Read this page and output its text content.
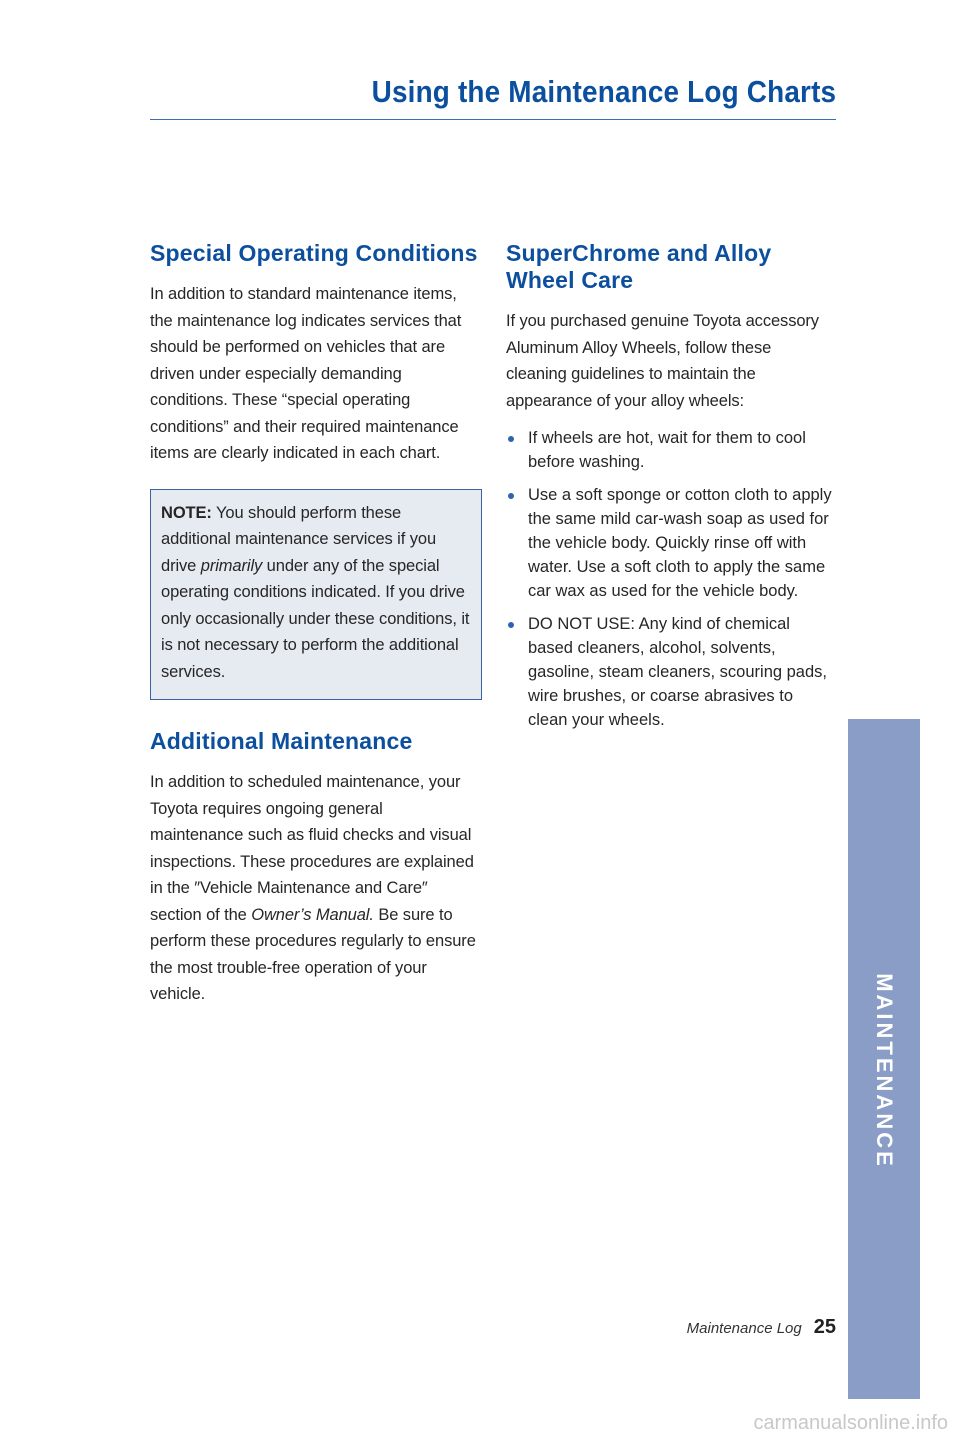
Using the Maintenance Log Charts
Special Operating Conditions

In addition to standard maintenance items, the maintenance log indicates services that should be performed on vehicles that are driven under especially demanding conditions. These “special operating conditions” and their required maintenance items are clearly indicated in each chart.

NOTE: You should perform these additional maintenance services if you drive primarily under any of the special operating conditions indicated. If you drive only occasionally under these conditions, it is not necessary to perform the additional services.

Additional Maintenance

In addition to scheduled maintenance, your Toyota requires ongoing general maintenance such as fluid checks and visual inspections. These procedures are explained in the ″Vehicle Maintenance and Care″ section of the Owner’s Manual. Be sure to perform these procedures regularly to ensure the most trouble-free operation of your vehicle.

SuperChrome and Alloy Wheel Care

If you purchased genuine Toyota accessory Aluminum Alloy Wheels, follow these cleaning guidelines to maintain the appearance of your alloy wheels:

If wheels are hot, wait for them to cool before washing.
Use a soft sponge or cotton cloth to apply the same mild car-wash soap as used for the vehicle body. Quickly rinse off with water. Use a soft cloth to apply the same car wax as used for the vehicle body.
DO NOT USE: Any kind of chemical based cleaners, alcohol, solvents, gasoline, steam cleaners, scouring pads, wire brushes, or coarse abrasives to clean your wheels.
MAINTENANCE
Maintenance Log 25
carmanualsonline.info
